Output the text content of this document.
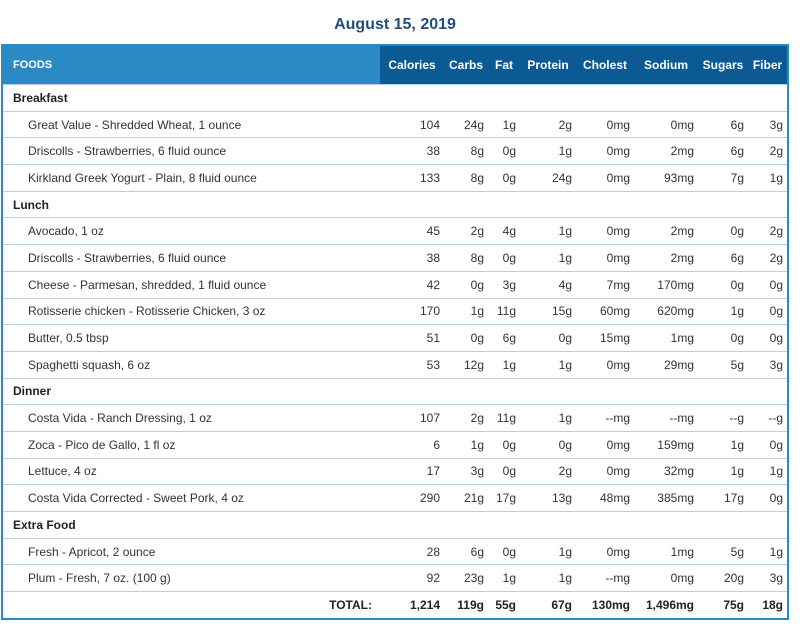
August 15, 2019
FOODS	Calories	Carbs	Fat	Protein	Cholest	Sodium	Sugars	Fiber
Breakfast								
Great Value - Shredded Wheat, 1 ounce	104	24g	1g	2g	0mg	0mg	6g	3g
Driscolls - Strawberries, 6 fluid ounce	38	8g	0g	1g	0mg	2mg	6g	2g
Kirkland Greek Yogurt - Plain, 8 fluid ounce	133	8g	0g	24g	0mg	93mg	7g	1g
Lunch								
Avocado, 1 oz	45	2g	4g	1g	0mg	2mg	0g	2g
Driscolls - Strawberries, 6 fluid ounce	38	8g	0g	1g	0mg	2mg	6g	2g
Cheese - Parmesan, shredded, 1 fluid ounce	42	0g	3g	4g	7mg	170mg	0g	0g
Rotisserie chicken - Rotisserie Chicken, 3 oz	170	1g	11g	15g	60mg	620mg	1g	0g
Butter, 0.5 tbsp	51	0g	6g	0g	15mg	1mg	0g	0g
Spaghetti squash, 6 oz	53	12g	1g	1g	0mg	29mg	5g	3g
Dinner								
Costa Vida - Ranch Dressing, 1 oz	107	2g	11g	1g	--mg	--mg	--g	--g
Zoca - Pico de Gallo, 1 fl oz	6	1g	0g	0g	0mg	159mg	1g	0g
Lettuce, 4 oz	17	3g	0g	2g	0mg	32mg	1g	1g
Costa Vida Corrected - Sweet Pork, 4 oz	290	21g	17g	13g	48mg	385mg	17g	0g
Extra Food								
Fresh - Apricot, 2 ounce	28	6g	0g	1g	0mg	1mg	5g	1g
Plum - Fresh, 7 oz. (100 g)	92	23g	1g	1g	--mg	0mg	20g	3g
TOTAL:	1,214	119g	55g	67g	130mg	1,496mg	75g	18g
